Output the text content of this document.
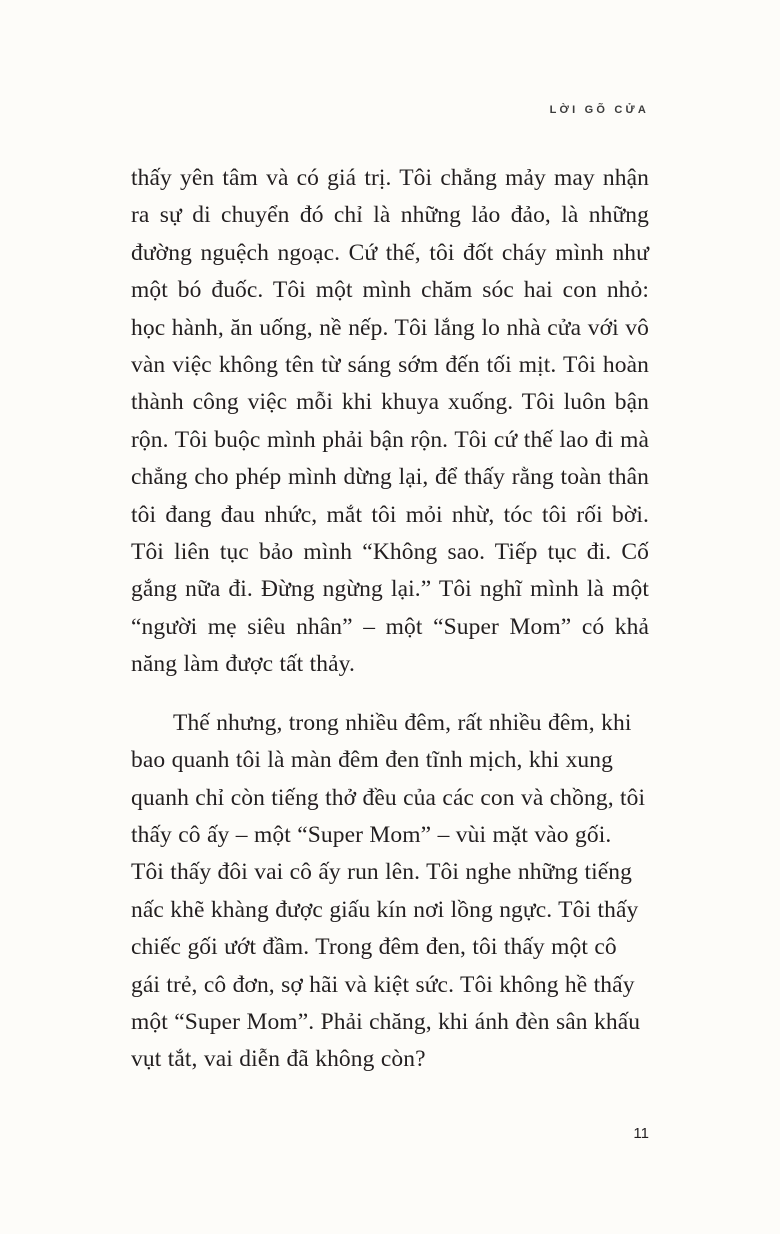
LỜI GÕ CỬA

thấy yên tâm và có giá trị. Tôi chẳng mảy may nhận ra sự di chuyển đó chỉ là những lảo đảo, là những đường nguệch ngoạc. Cứ thế, tôi đốt cháy mình như một bó đuốc. Tôi một mình chăm sóc hai con nhỏ: học hành, ăn uống, nề nếp. Tôi lắng lo nhà cửa với vô vàn việc không tên từ sáng sớm đến tối mịt. Tôi hoàn thành công việc mỗi khi khuya xuống. Tôi luôn bận rộn. Tôi buộc mình phải bận rộn. Tôi cứ thế lao đi mà chẳng cho phép mình dừng lại, để thấy rằng toàn thân tôi đang đau nhức, mắt tôi mỏi nhừ, tóc tôi rối bời. Tôi liên tục bảo mình “Không sao. Tiếp tục đi. Cố gắng nữa đi. Đừng ngừng lại.” Tôi nghĩ mình là một “người mẹ siêu nhân” – một “Super Mom” có khả năng làm được tất thảy.

Thế nhưng, trong nhiều đêm, rất nhiều đêm, khi bao quanh tôi là màn đêm đen tĩnh mịch, khi xung quanh chỉ còn tiếng thở đều của các con và chồng, tôi thấy cô ấy – một “Super Mom” – vùi mặt vào gối. Tôi thấy đôi vai cô ấy run lên. Tôi nghe những tiếng nấc khẽ khàng được giấu kín nơi lồng ngực. Tôi thấy chiếc gối ướt đầm. Trong đêm đen, tôi thấy một cô gái trẻ, cô đơn, sợ hãi và kiệt sức. Tôi không hề thấy một “Super Mom”. Phải chăng, khi ánh đèn sân khấu vụt tắt, vai diễn đã không còn?

11
